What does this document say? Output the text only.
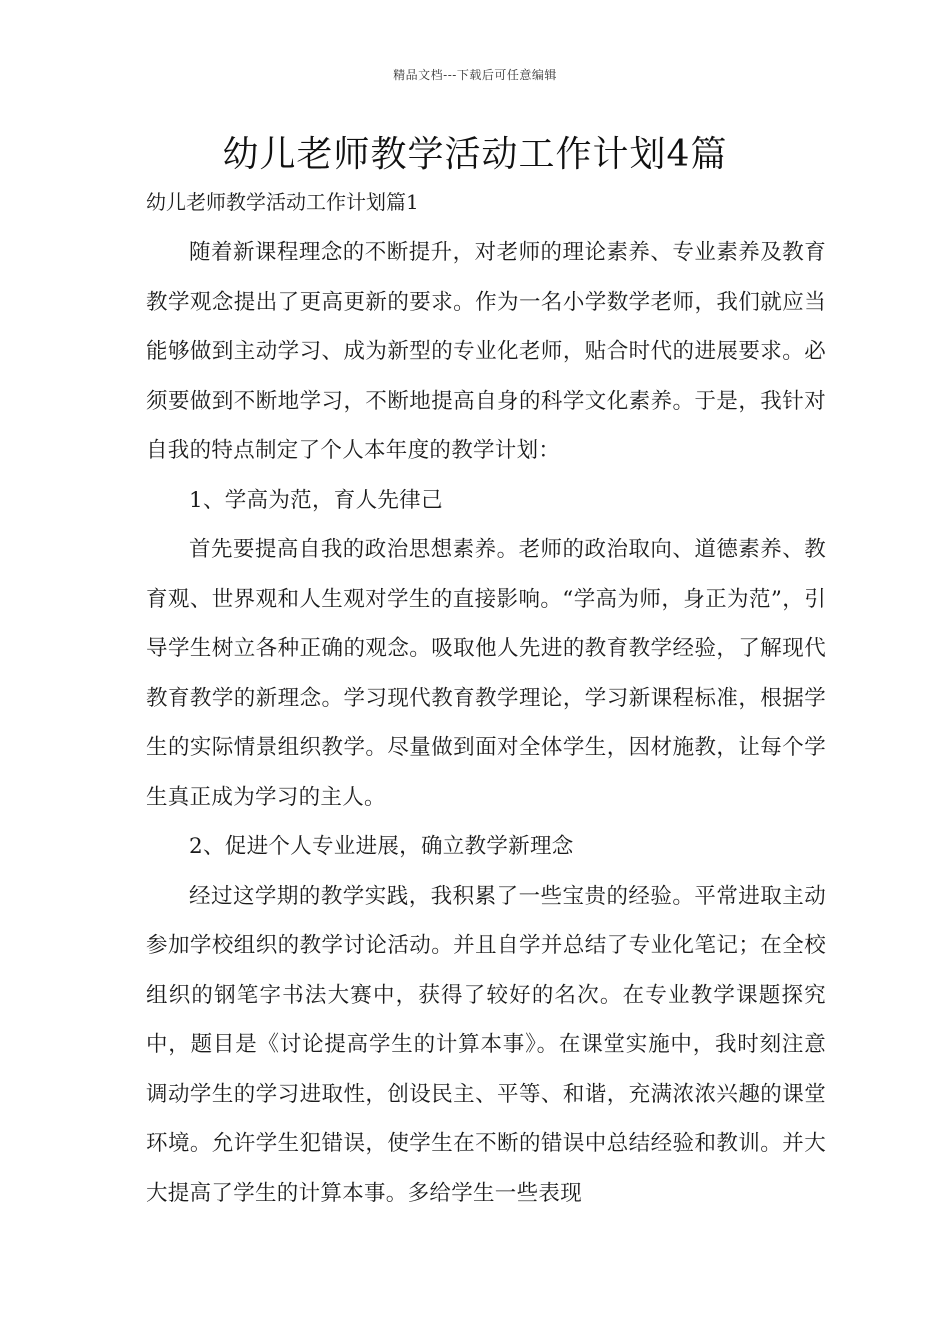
精品文档---下载后可任意编辑
幼儿老师教学活动工作计划4篇
幼儿老师教学活动工作计划篇1

随着新课程理念的不断提升，对老师的理论素养、专业素养及教育教学观念提出了更高更新的要求。作为一名小学数学老师，我们就应当能够做到主动学习、成为新型的专业化老师，贴合时代的进展要求。必须要做到不断地学习，不断地提高自身的科学文化素养。于是，我针对自我的特点制定了个人本年度的教学计划：

1、学高为范，育人先律己

首先要提高自我的政治思想素养。老师的政治取向、道德素养、教育观、世界观和人生观对学生的直接影响。“学高为师，身正为范”，引导学生树立各种正确的观念。吸取他人先进的教育教学经验，了解现代教育教学的新理念。学习现代教育教学理论，学习新课程标准，根据学生的实际情景组织教学。尽量做到面对全体学生，因材施教，让每个学生真正成为学习的主人。

2、促进个人专业进展，确立教学新理念

经过这学期的教学实践，我积累了一些宝贵的经验。平常进取主动参加学校组织的教学讨论活动。并且自学并总结了专业化笔记；在全校组织的钢笔字书法大赛中，获得了较好的名次。在专业教学课题探究中，题目是《讨论提高学生的计算本事》。在课堂实施中，我时刻注意调动学生的学习进取性，创设民主、平等、和谐，充满浓浓兴趣的课堂环境。允许学生犯错误，使学生在不断的错误中总结经验和教训。并大大提高了学生的计算本事。多给学生一些表现
